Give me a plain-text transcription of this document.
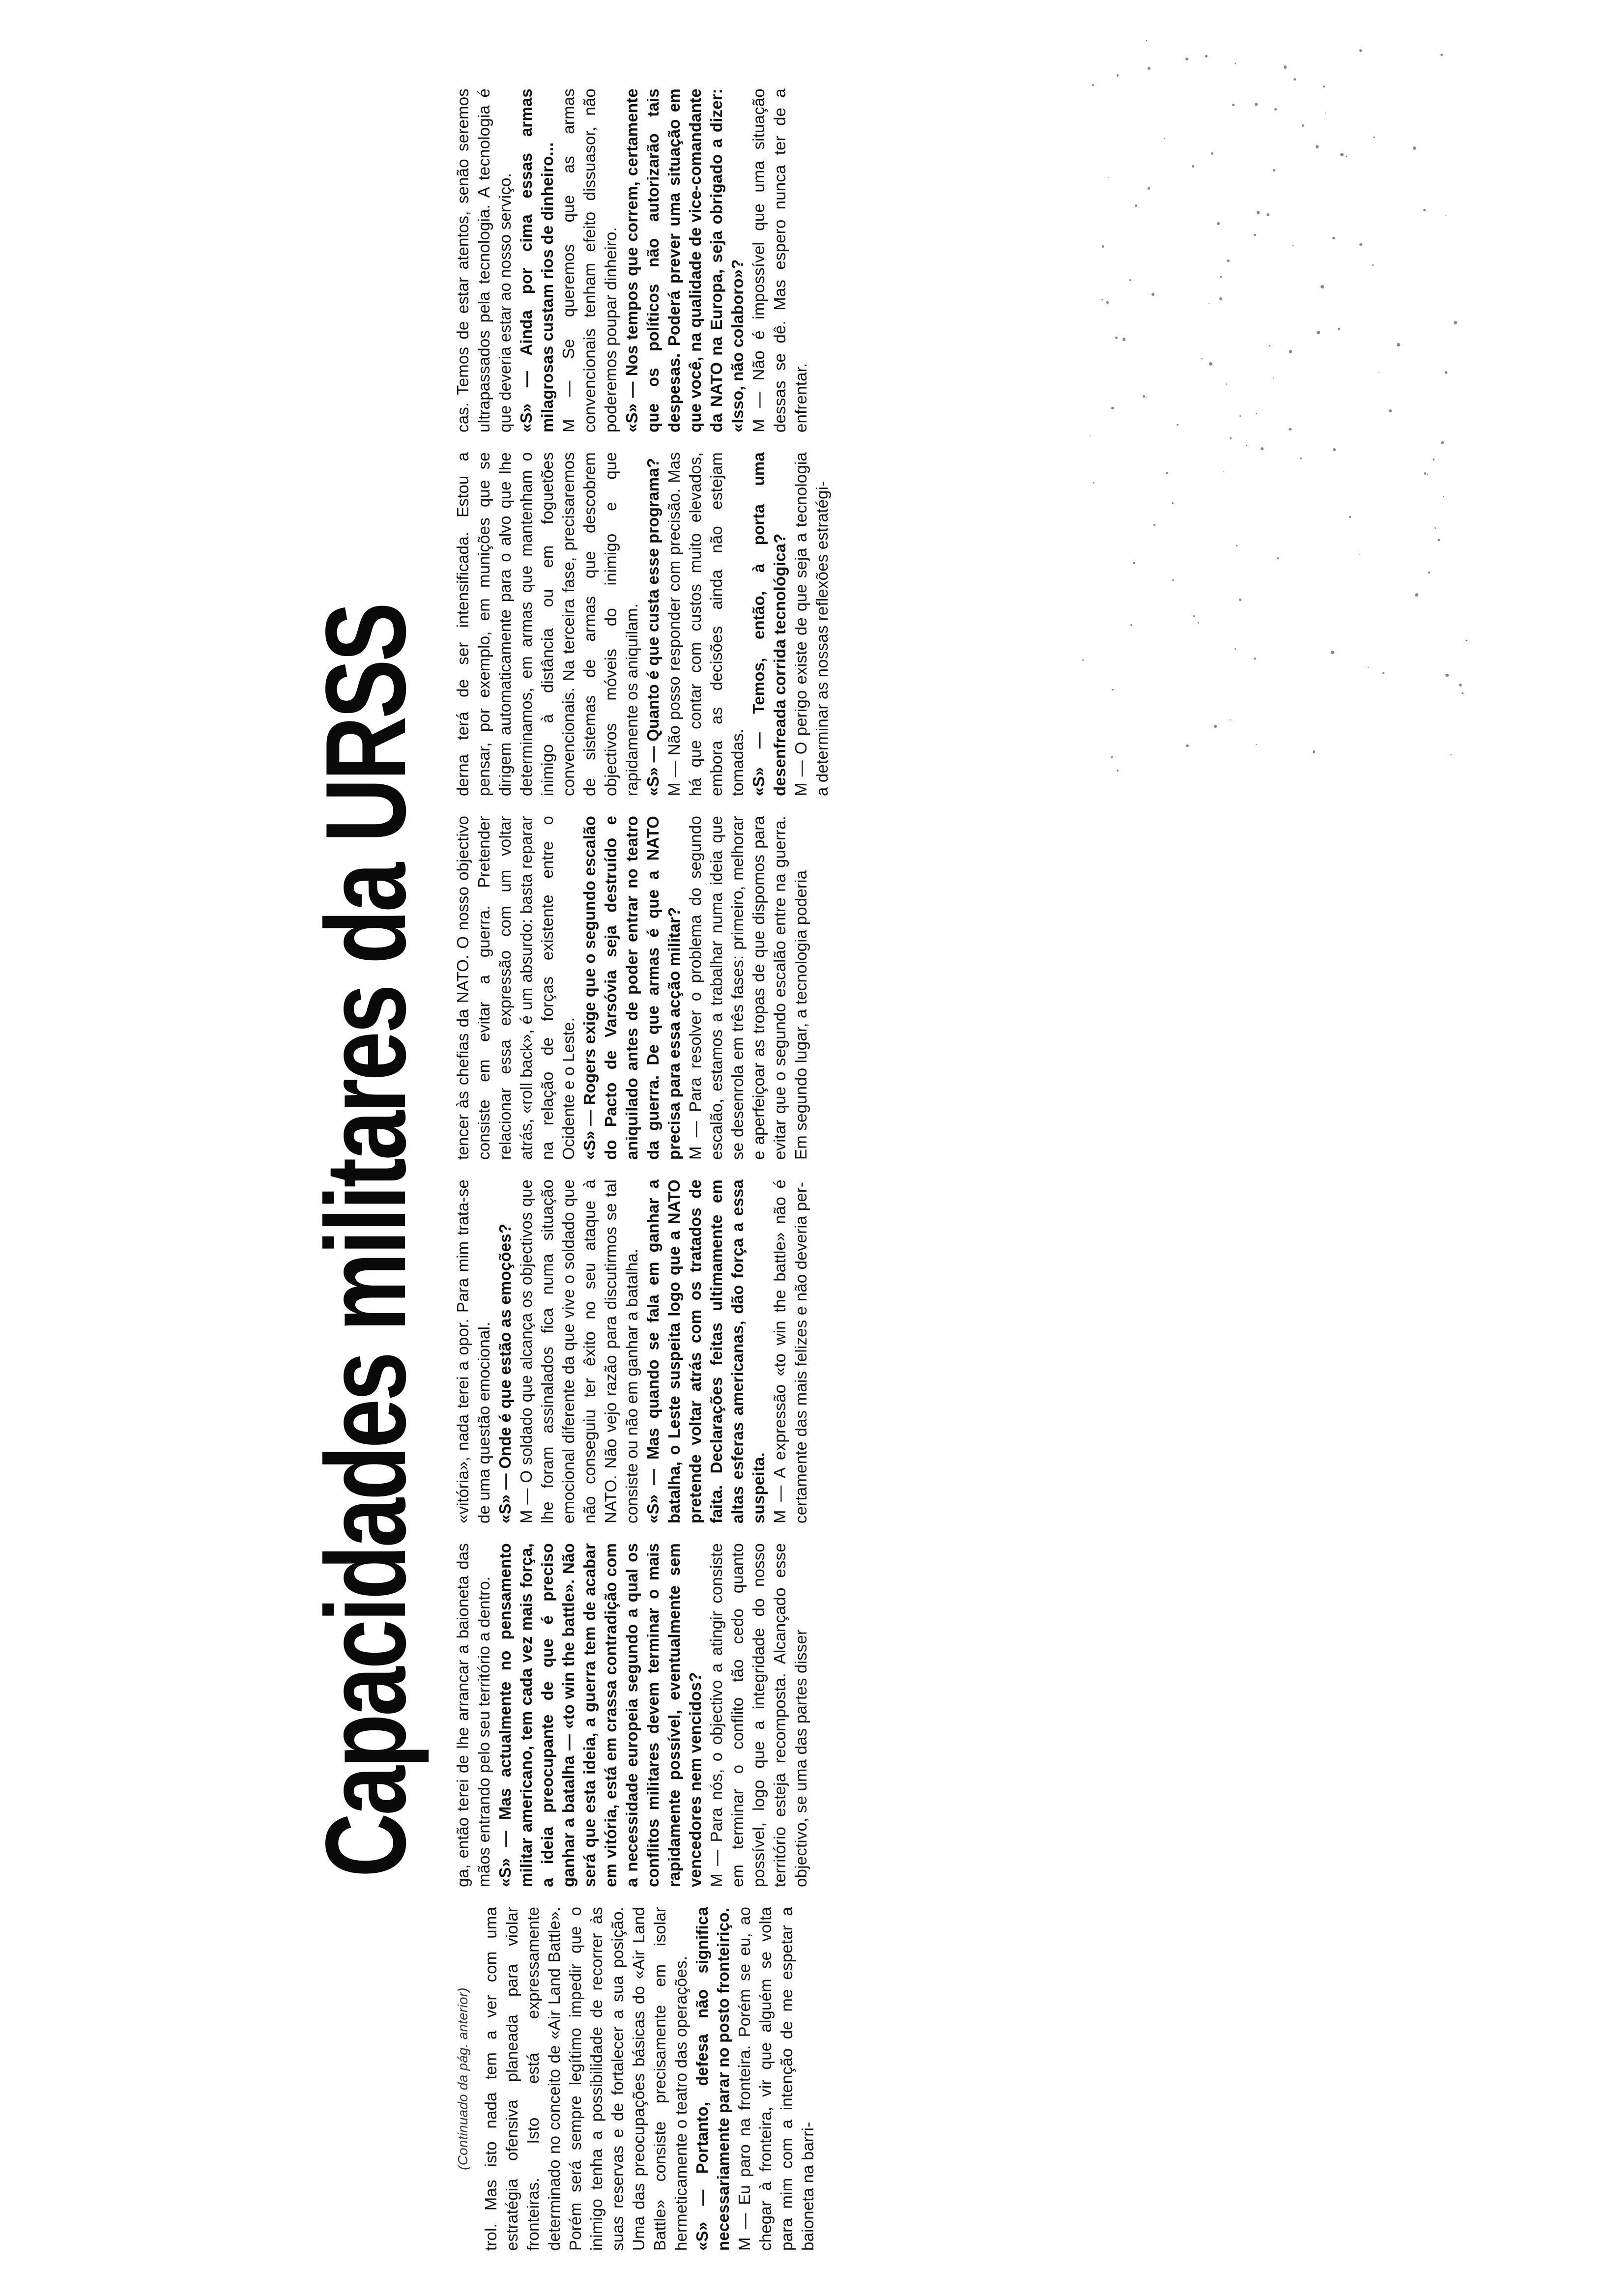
Capacidades militares da URSS

(Continuado da pág. anterior) trol. Mas isto nada tem a ver com uma estratégia ofensiva planeada para violar fronteiras. Isto está expressamente determinado no conceito de «Air Land Battle». Porém será sempre legítimo impedir que o inimigo tenha a possibilidade de recorrer às suas reservas e de fortalecer a sua posição. Uma das preocupações básicas do «Air Land Battle» consiste precisamente em isolar hermeticamente o teatro das operações. «S» — Portanto, defesa não significa necessariamente parar no posto fronteiriço. M — Eu paro na fronteira. Porém se eu, ao chegar à fronteira, vir que alguém se volta para mim com a intenção de me espetar a baioneta na barri-

ga, então terei de lhe arrancar a baioneta das mãos entrando pelo seu território a dentro. «S» — Mas actualmente no pensamento militar americano, tem cada vez mais força, a ideia preocupante de que é preciso ganhar a batalha — «to win the battle». Não será que esta ideia, a guerra tem de acabar em vitória, está em crassa contradição com a necessidade europeia segundo a qual os conflitos militares devem terminar o mais rapidamente possível, eventualmente sem vencedores nem vencidos? M — Para nós, o objectivo a atingir consiste em terminar o conflito tão cedo quanto possível, logo que a integridade do nosso território esteja recomposta. Alcançado esse objectivo, se uma das partes disser

«vitória», nada terei a opor. Para mim trata-se de uma questão emocional. «S» — Onde é que estão as emoções? M — O soldado que alcança os objectivos que lhe foram assinalados fica numa situação emocional diferente da que vive o soldado que não conseguiu ter êxito no seu ataque à NATO. Não vejo razão para discutirmos se tal consiste ou não em ganhar a batalha. «S» — Mas quando se fala em ganhar a batalha, o Leste suspeita logo que a NATO pretende voltar atrás com os tratados de faita. Declarações feitas ultimamente em altas esferas americanas, dão força a essa suspeita. M — A expressão «to win the battle» não é certamente das mais felizes e não deveria per-

tencer às chefias da NATO. O nosso objectivo consiste em evitar a guerra. Pretender relacionar essa expressão com um voltar atrás, «roll back», é um absurdo: basta reparar na relação de forças existente entre o Ocidente e o Leste. «S» — Rogers exige que o segundo escalão do Pacto de Varsóvia seja destruído e aniquilado antes de poder entrar no teatro da guerra. De que armas é que a NATO precisa para essa acção militar? M — Para resolver o problema do segundo escalão, estamos a trabalhar numa ideia que se desenrola em três fases: primeiro, melhorar e aperfeiçoar as tropas de que dispomos para evitar que o segundo escalão entre na guerra. Em segundo lugar, a tecnologia poderia

derna terá de ser intensificada. Estou a pensar, por exemplo, em munições que se dirigem automaticamente para o alvo que lhe determinamos, em armas que mantenham o inimigo à distância ou em foguetões convencionais. Na terceira fase, precisaremos de sistemas de armas que descobrem objectivos móveis do inimigo e que rapidamente os aniquilam. «S» — Quanto é que custa esse programa? M — Não posso responder com precisão. Mas há que contar com custos muito elevados, embora as decisões ainda não estejam tomadas. «S» — Temos, então, à porta uma desenfreada corrida tecnológica? M — O perigo existe de que seja a tecnologia a determinar as nossas reflexões estratégi-

cas. Temos de estar atentos, senão seremos ultrapassados pela tecnologia. A tecnologia é que deveria estar ao nosso serviço. «S» — Ainda por cima essas armas milagrosas custam rios de dinheiro... M — Se queremos que as armas convencionais tenham efeito dissuasor, não poderemos poupar dinheiro. «S» — Nos tempos que correm, certamente que os políticos não autorizarão tais despesas. Poderá prever uma situação em que você, na qualidade de vice-comandante da NATO na Europa, seja obrigado a dizer: «Isso, não colaboro»? M — Não é impossível que uma situação dessas se dê. Mas espero nunca ter de a enfrentar.
